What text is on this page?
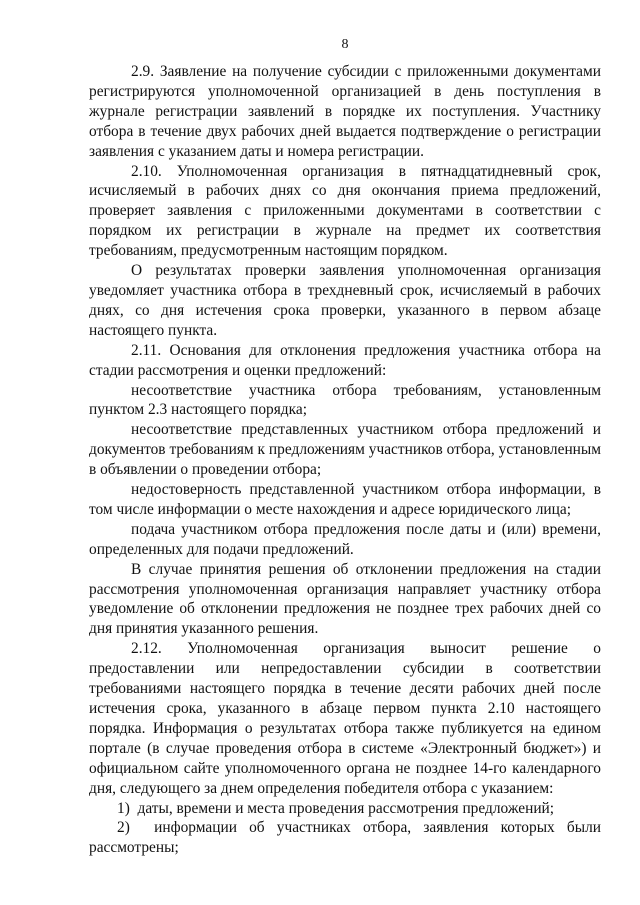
8

2.9. Заявление на получение субсидии с приложенными документами регистрируются уполномоченной организацией в день поступления в журнале регистрации заявлений в порядке их поступления. Участнику отбора в течение двух рабочих дней выдается подтверждение о регистрации заявления с указанием даты и номера регистрации.

2.10. Уполномоченная организация в пятнадцатидневный срок, исчисляемый в рабочих днях со дня окончания приема предложений, проверяет заявления с приложенными документами в соответствии с порядком их регистрации в журнале на предмет их соответствия требованиям, предусмотренным настоящим порядком.

О результатах проверки заявления уполномоченная организация уведомляет участника отбора в трехдневный срок, исчисляемый в рабочих днях, со дня истечения срока проверки, указанного в первом абзаце настоящего пункта.

2.11. Основания для отклонения предложения участника отбора на стадии рассмотрения и оценки предложений:

несоответствие участника отбора требованиям, установленным пунктом 2.3 настоящего порядка;

несоответствие представленных участником отбора предложений и документов требованиям к предложениям участников отбора, установленным в объявлении о проведении отбора;

недостоверность представленной участником отбора информации, в том числе информации о месте нахождения и адресе юридического лица;

подача участником отбора предложения после даты и (или) времени, определенных для подачи предложений.

В случае принятия решения об отклонении предложения на стадии рассмотрения уполномоченная организация направляет участнику отбора уведомление об отклонении предложения не позднее трех рабочих дней со дня принятия указанного решения.

2.12. Уполномоченная организация выносит решение о предоставлении или непредоставлении субсидии в соответствии требованиями настоящего порядка в течение десяти рабочих дней после истечения срока, указанного в абзаце первом пункта 2.10 настоящего порядка. Информация о результатах отбора также публикуется на едином портале (в случае проведения отбора в системе «Электронный бюджет») и официальном сайте уполномоченного органа не позднее 14-го календарного дня, следующего за днем определения победителя отбора с указанием:

1)  даты, времени и места проведения рассмотрения предложений;

2)  информации об участниках отбора, заявления которых были рассмотрены;
